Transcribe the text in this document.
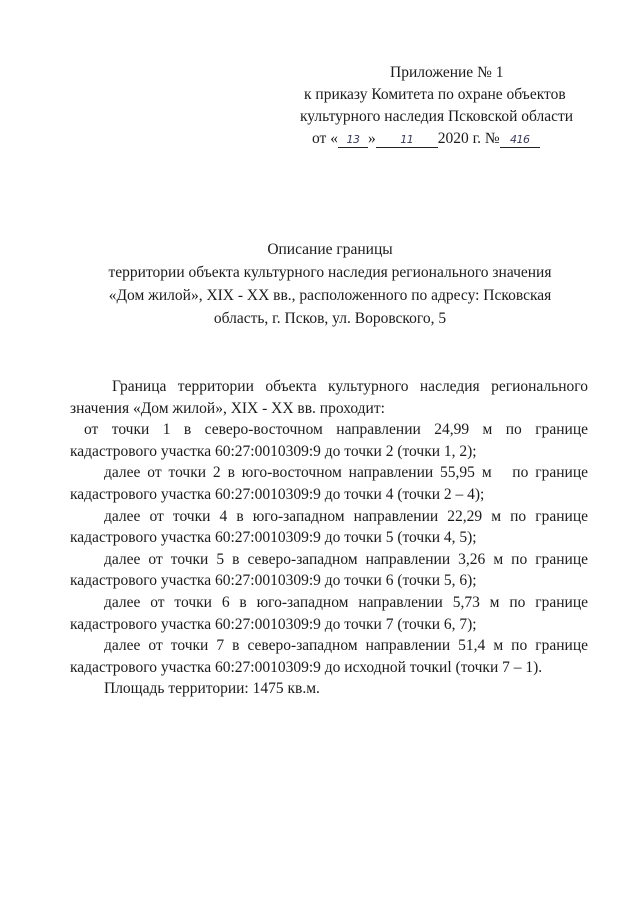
Приложение № 1
к приказу Комитета по охране объектов
культурного наследия Псковской области
от « 13 » 11 2020 г. № 416
Описание границы
территории объекта культурного наследия регионального значения
«Дом жилой», XIX - XX вв., расположенного по адресу: Псковская
область, г. Псков, ул. Воровского, 5
Граница территории объекта культурного наследия регионального
значения «Дом жилой», XIX - XX вв. проходит:
от точки 1 в северо-восточном направлении 24,99 м по границе
кадастрового участка 60:27:0010309:9 до точки 2 (точки 1, 2);
далее от точки 2 в юго-восточном направлении 55,95 м   по границе
кадастрового участка 60:27:0010309:9 до точки 4 (точки 2 – 4);
далее от точки 4 в юго-западном направлении 22,29 м по границе
кадастрового участка 60:27:0010309:9 до точки 5 (точки 4, 5);
далее от точки 5 в северо-западном направлении 3,26 м по границе
кадастрового участка 60:27:0010309:9 до точки 6 (точки 5, 6);
далее от точки 6 в юго-западном направлении 5,73 м по границе
кадастрового участка 60:27:0010309:9 до точки 7 (точки 6, 7);
далее от точки 7 в северо-западном направлении 51,4 м по границе
кадастрового участка 60:27:0010309:9 до исходной точкиl (точки 7 – 1).
Площадь территории: 1475 кв.м.
